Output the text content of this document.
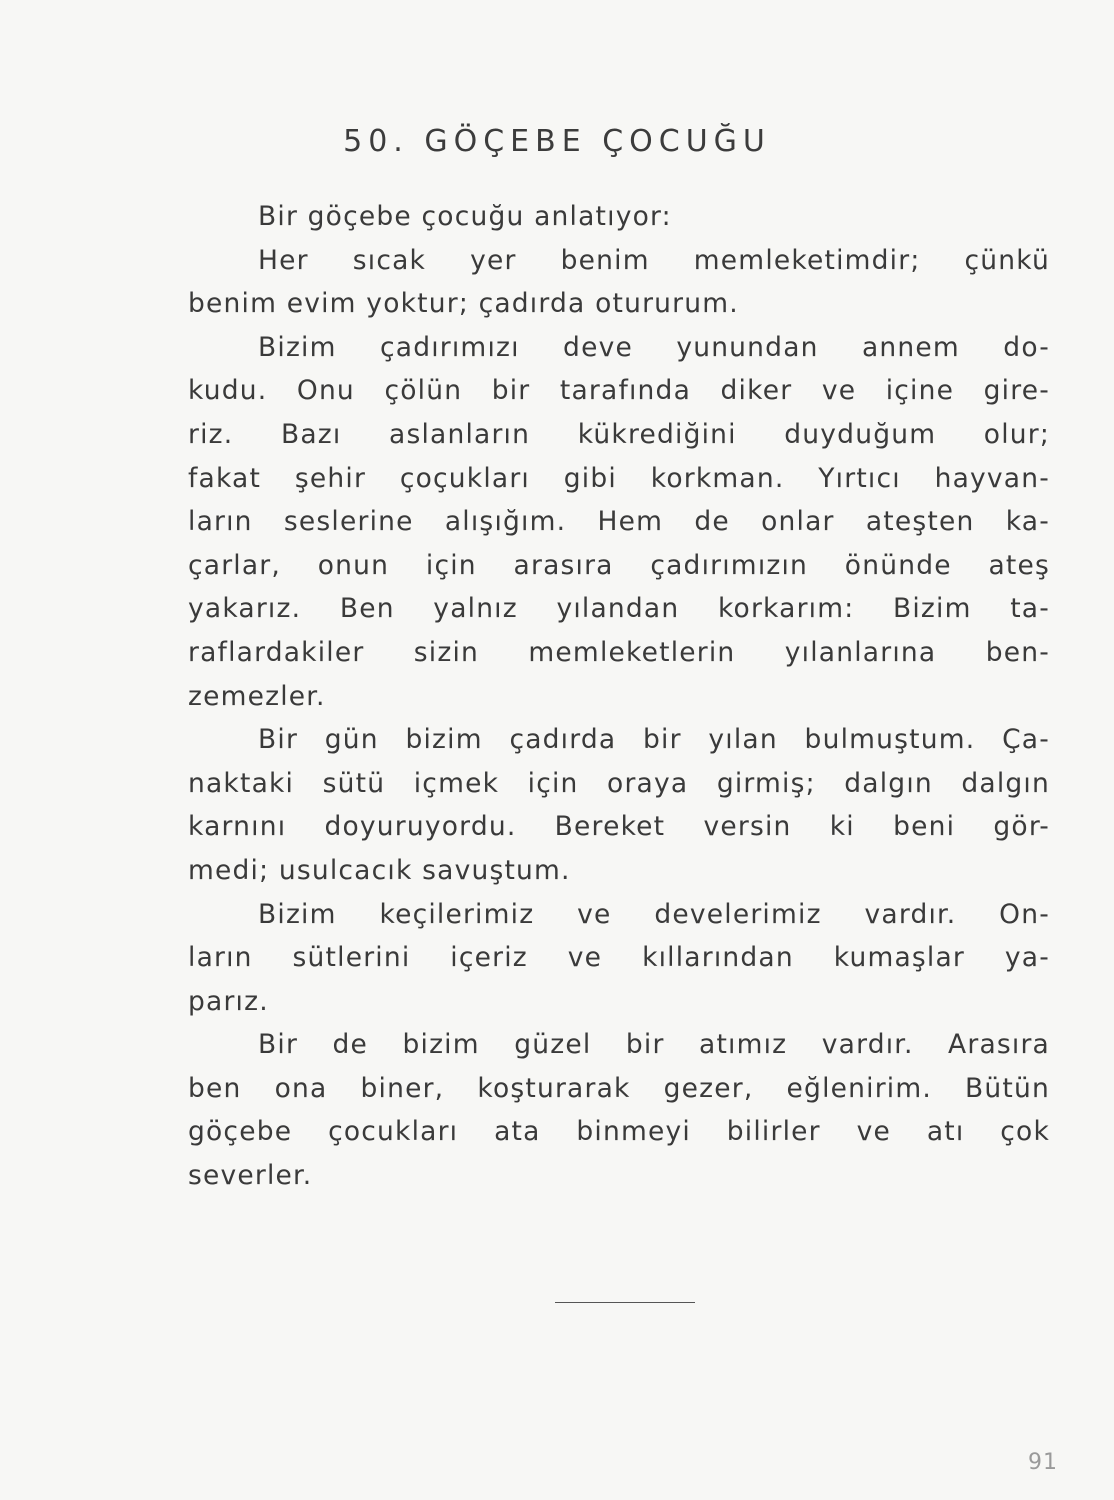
50. GÖÇEBE ÇOCUĞU
Bir göçebe çocuğu anlatıyor:
Her sıcak yer benim memleketimdir; çünkü
benim evim yoktur; çadırda otururum.
Bizim çadırımızı deve yunundan annem do-
kudu. Onu çölün bir tarafında diker ve içine gire-
riz. Bazı aslanların kükrediğini duyduğum olur;
fakat şehir çoçukları gibi korkman. Yırtıcı hayvan-
ların seslerine alışığım. Hem de onlar ateşten ka-
çarlar, onun için arasıra çadırımızın önünde ateş
yakarız. Ben yalnız yılandan korkarım: Bizim ta-
raflardakiler sizin memleketlerin yılanlarına ben-
zemezler.
Bir gün bizim çadırda bir yılan bulmuştum. Ça-
naktaki sütü içmek için oraya girmiş; dalgın dalgın
karnını doyuruyordu. Bereket versin ki beni gör-
medi; usulcacık savuştum.
Bizim keçilerimiz ve develerimiz vardır. On-
ların sütlerini içeriz ve kıllarından kumaşlar ya-
parız.
Bir de bizim güzel bir atımız vardır. Arasıra
ben ona biner, koşturarak gezer, eğlenirim. Bütün
göçebe çocukları ata binmeyi bilirler ve atı çok
severler.
91
